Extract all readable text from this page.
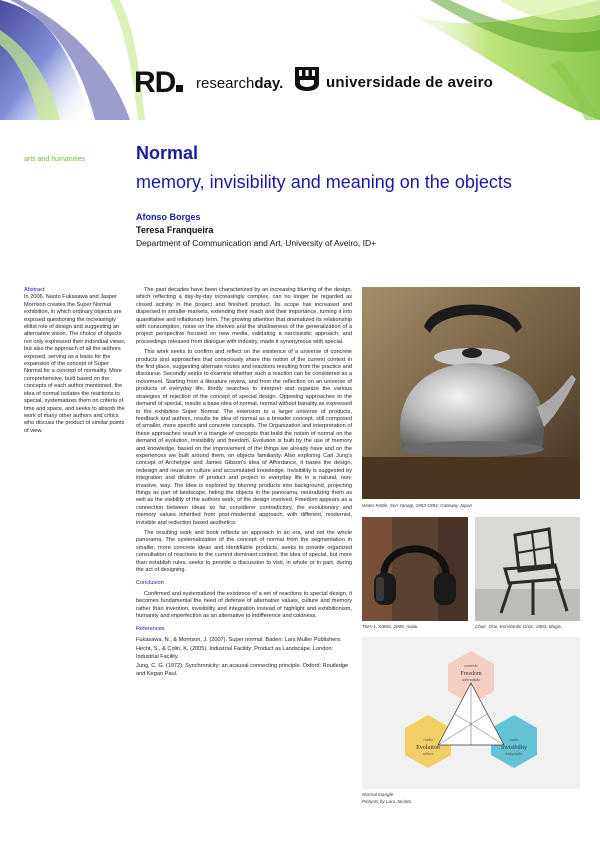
RD	researchday.	universidade de aveiro
arts and humanities	Normal
memory, invisibility and meaning on the objects
Afonso Borges
Teresa Franqueira
Department of Communication and Art, University of Aveiro, ID+
Abstract
In 2006, Naoto Fukasawa and Jasper Morrison creates the Super Normal exhibition, in which ordinary objects are exposed questioning the increasingly elitist role of design and suggesting an alternative vision. The choice of objects not only expressed their individual views, but also the approach of all the authors exposed, serving as a basis for the expansion of the concept of Super Normal for a concept of normality. More comprehensive, built based on the concepts of each author mentioned, the idea of normal isolates the reactions to special, systematizes them on criteria of time and space, and seeks to absorb the work of many other authors and critics who discuss the product of similar points of view.

The past decades have been characterized by an increasing blurring of the design, which reflecting a day-by-day increasingly complex, can no longer be regarded as closed activity in the project and finished product. Its scope has increased and dispersed in smaller markets, extending their reach and their importance, turning it into quantitative and inflationary term. The growing attention that dramatized its relationship with consumption, noise on the shelves and the shallowness of the generalization of a project perspective focused on new media, validating a narcissistic approach, and proceedings released from dialogue with industry, made it synonymous with special.

This work seeks to confirm and reflect on the existence of a universe of concrete products and approaches that consciously share this notion of the current context in the first place, suggesting alternate routes and reactions resulting from the practice and discourse. Secondly seeks to examine whether such a reaction can be considered as a movement. Starting from a literature review, and from the reflection on an universe of products of everyday life, thirdly searches to interpret and organize the various strategies of rejection of the concept of special design. Opposing approaches to the demand of special, results a base idea of normal, normal without banality as expressed in the exhibition Super Normal. The extension to a larger universe of products, feedback and authors, results he idea of normal as a broader concept, still composed of smaller, more specific and concrete concepts. The Organization and interpretation of these approaches result in a triangle of concepts that build the notion of normal on the demand of evolution, invisibility and freedom. Evolution is built by the use of memory and knowledge, based on the improvement of the things we already have and on the experiences we built around them, on objects familiarity. Also exploring Carl Jung's concept of Archetype and James Gibson's idea of Affordance, it bases the design, redesign and reuse on culture and accumulated knowledge. Invisibility is suggested by integration and dilution of product and project in everyday life in a natural, non-invasive, way. The idea is explored by blurring products into background, projecting things as part of landscape, hiding the objects in the panorama, neutralizing them as well as the visibility of the authors work, of the design involved. Freedom appears as a connection between ideas so far considerer contradictory, the evolutionary and memory values inherited from post-modernist approach, with different, modernist, invisible and reduction based aesthetics.

The resulting work and book reflects an approach in an era, and not the whole panorama. The systematization of the concept of normal from the segmentation in smaller, more concrete ideas and identifiable products, seeks to provide organized consultation of reactions to the current dominant context, the idea of special, but more than establish rules, seeks to provide a discussion to visit, in whole or in part, during the act of designing.

Conclusion

Confirmed and systematized the existence of a set of reactions to special design, it becomes fundamental the need of defense of alternative values, culture and memory rather than invention, invisibility and integration instead of highlight and exhibitionism, humanity and imperfection as an alternative to indifference and coldness.

References

Fukasawa, N., & Morrison, J. (2007). Super normal. Baden: Lars Muller Publishers.

Hecht, S., & Colin, K. (2005). Industrial Facility: Product as Landscape. London: Industrial Facility.

Jung, C. G. (1972). Synchronicity: an acausal connecting principle. Oxford: Routledge and Kegan Paul.

Water Kettle, Sori Yanagi, 1953-1994, Gateway Japan
TMA-1, KIBiSi, 2009, Aiaiai.	Chair_One, Konstantin Grcic, 2003, Magis.
contexto
Freedom
contradição
razão
Evolution
cultura
razão
Invisibility
integração
Normal triangle
Pictures by Lara Jacinto
